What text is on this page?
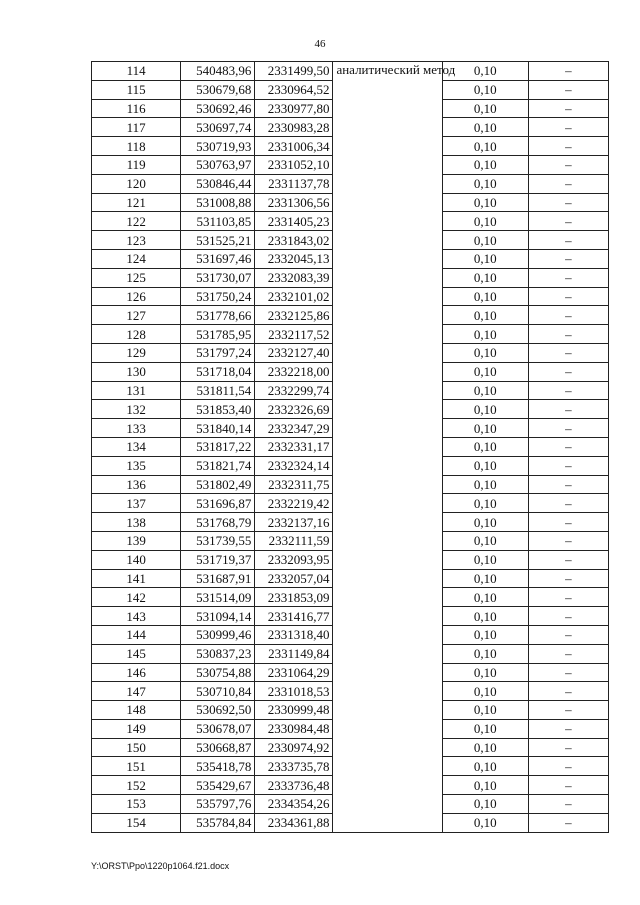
46
114	540483,96	2331499,50	аналитический метод	0,10	–
115	530679,68	2330964,52		0,10	–
116	530692,46	2330977,80		0,10	–
117	530697,74	2330983,28		0,10	–
118	530719,93	2331006,34		0,10	–
119	530763,97	2331052,10		0,10	–
120	530846,44	2331137,78		0,10	–
121	531008,88	2331306,56		0,10	–
122	531103,85	2331405,23		0,10	–
123	531525,21	2331843,02		0,10	–
124	531697,46	2332045,13		0,10	–
125	531730,07	2332083,39		0,10	–
126	531750,24	2332101,02		0,10	–
127	531778,66	2332125,86		0,10	–
128	531785,95	2332117,52		0,10	–
129	531797,24	2332127,40		0,10	–
130	531718,04	2332218,00		0,10	–
131	531811,54	2332299,74		0,10	–
132	531853,40	2332326,69		0,10	–
133	531840,14	2332347,29		0,10	–
134	531817,22	2332331,17		0,10	–
135	531821,74	2332324,14		0,10	–
136	531802,49	2332311,75		0,10	–
137	531696,87	2332219,42		0,10	–
138	531768,79	2332137,16		0,10	–
139	531739,55	2332111,59		0,10	–
140	531719,37	2332093,95		0,10	–
141	531687,91	2332057,04		0,10	–
142	531514,09	2331853,09		0,10	–
143	531094,14	2331416,77		0,10	–
144	530999,46	2331318,40		0,10	–
145	530837,23	2331149,84		0,10	–
146	530754,88	2331064,29		0,10	–
147	530710,84	2331018,53		0,10	–
148	530692,50	2330999,48		0,10	–
149	530678,07	2330984,48		0,10	–
150	530668,87	2330974,92		0,10	–
151	535418,78	2333735,78		0,10	–
152	535429,67	2333736,48		0,10	–
153	535797,76	2334354,26		0,10	–
154	535784,84	2334361,88		0,10	–
Y:\ORST\Ppo\1220p1064.f21.docx
